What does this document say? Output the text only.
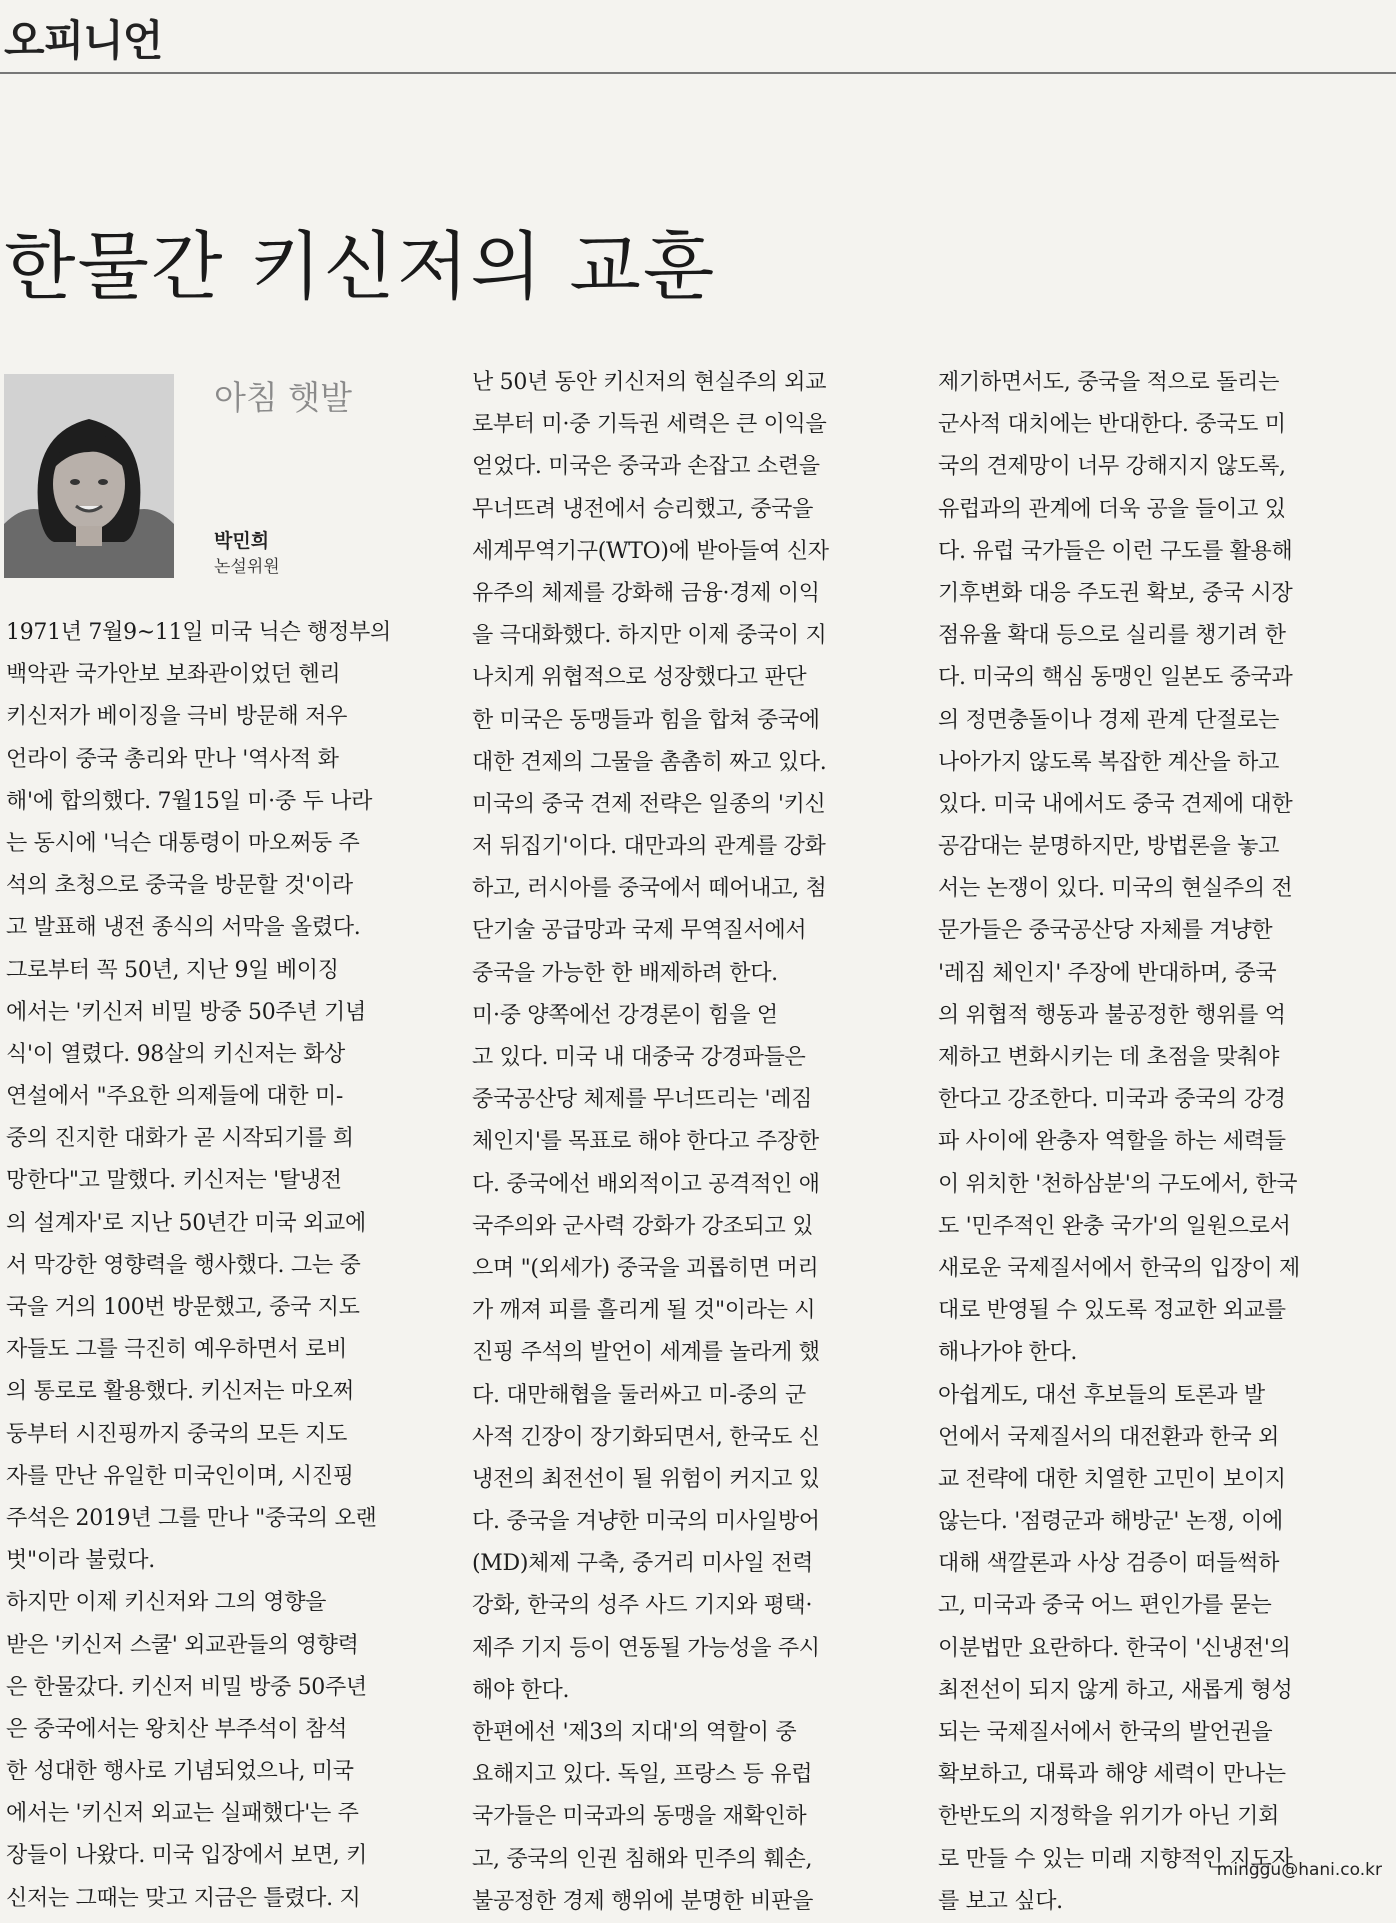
오피니언
한물간 키신저의 교훈
아침 햇발
박민희
논설위원
1971년 7월9~11일 미국 닉슨 행정부의
백악관 국가안보 보좌관이었던 헨리
키신저가 베이징을 극비 방문해 저우
언라이 중국 총리와 만나 '역사적 화
해'에 합의했다. 7월15일 미·중 두 나라
는 동시에 '닉슨 대통령이 마오쩌둥 주
석의 초청으로 중국을 방문할 것'이라
고 발표해 냉전 종식의 서막을 올렸다.
그로부터 꼭 50년, 지난 9일 베이징
에서는 '키신저 비밀 방중 50주년 기념
식'이 열렸다. 98살의 키신저는 화상
연설에서 "주요한 의제들에 대한 미-
중의 진지한 대화가 곧 시작되기를 희
망한다"고 말했다. 키신저는 '탈냉전
의 설계자'로 지난 50년간 미국 외교에
서 막강한 영향력을 행사했다. 그는 중
국을 거의 100번 방문했고, 중국 지도
자들도 그를 극진히 예우하면서 로비
의 통로로 활용했다. 키신저는 마오쩌
둥부터 시진핑까지 중국의 모든 지도
자를 만난 유일한 미국인이며, 시진핑
주석은 2019년 그를 만나 "중국의 오랜
벗"이라 불렀다.
하지만 이제 키신저와 그의 영향을
받은 '키신저 스쿨' 외교관들의 영향력
은 한물갔다. 키신저 비밀 방중 50주년
은 중국에서는 왕치산 부주석이 참석
한 성대한 행사로 기념되었으나, 미국
에서는 '키신저 외교는 실패했다'는 주
장들이 나왔다. 미국 입장에서 보면, 키
신저는 그때는 맞고 지금은 틀렸다. 지
난 50년 동안 키신저의 현실주의 외교
로부터 미·중 기득권 세력은 큰 이익을
얻었다. 미국은 중국과 손잡고 소련을
무너뜨려 냉전에서 승리했고, 중국을
세계무역기구(WTO)에 받아들여 신자
유주의 체제를 강화해 금융·경제 이익
을 극대화했다. 하지만 이제 중국이 지
나치게 위협적으로 성장했다고 판단
한 미국은 동맹들과 힘을 합쳐 중국에
대한 견제의 그물을 촘촘히 짜고 있다.
미국의 중국 견제 전략은 일종의 '키신
저 뒤집기'이다. 대만과의 관계를 강화
하고, 러시아를 중국에서 떼어내고, 첨
단기술 공급망과 국제 무역질서에서
중국을 가능한 한 배제하려 한다.
미·중 양쪽에선 강경론이 힘을 얻
고 있다. 미국 내 대중국 강경파들은
중국공산당 체제를 무너뜨리는 '레짐
체인지'를 목표로 해야 한다고 주장한
다. 중국에선 배외적이고 공격적인 애
국주의와 군사력 강화가 강조되고 있
으며 "(외세가) 중국을 괴롭히면 머리
가 깨져 피를 흘리게 될 것"이라는 시
진핑 주석의 발언이 세계를 놀라게 했
다. 대만해협을 둘러싸고 미-중의 군
사적 긴장이 장기화되면서, 한국도 신
냉전의 최전선이 될 위험이 커지고 있
다. 중국을 겨냥한 미국의 미사일방어
(MD)체제 구축, 중거리 미사일 전력
강화, 한국의 성주 사드 기지와 평택·
제주 기지 등이 연동될 가능성을 주시
해야 한다.
한편에선 '제3의 지대'의 역할이 중
요해지고 있다. 독일, 프랑스 등 유럽
국가들은 미국과의 동맹을 재확인하
고, 중국의 인권 침해와 민주의 훼손,
불공정한 경제 행위에 분명한 비판을
제기하면서도, 중국을 적으로 돌리는
군사적 대치에는 반대한다. 중국도 미
국의 견제망이 너무 강해지지 않도록,
유럽과의 관계에 더욱 공을 들이고 있
다. 유럽 국가들은 이런 구도를 활용해
기후변화 대응 주도권 확보, 중국 시장
점유율 확대 등으로 실리를 챙기려 한
다. 미국의 핵심 동맹인 일본도 중국과
의 정면충돌이나 경제 관계 단절로는
나아가지 않도록 복잡한 계산을 하고
있다. 미국 내에서도 중국 견제에 대한
공감대는 분명하지만, 방법론을 놓고
서는 논쟁이 있다. 미국의 현실주의 전
문가들은 중국공산당 자체를 겨냥한
'레짐 체인지' 주장에 반대하며, 중국
의 위협적 행동과 불공정한 행위를 억
제하고 변화시키는 데 초점을 맞춰야
한다고 강조한다. 미국과 중국의 강경
파 사이에 완충자 역할을 하는 세력들
이 위치한 '천하삼분'의 구도에서, 한국
도 '민주적인 완충 국가'의 일원으로서
새로운 국제질서에서 한국의 입장이 제
대로 반영될 수 있도록 정교한 외교를
해나가야 한다.
아쉽게도, 대선 후보들의 토론과 발
언에서 국제질서의 대전환과 한국 외
교 전략에 대한 치열한 고민이 보이지
않는다. '점령군과 해방군' 논쟁, 이에
대해 색깔론과 사상 검증이 떠들썩하
고, 미국과 중국 어느 편인가를 묻는
이분법만 요란하다. 한국이 '신냉전'의
최전선이 되지 않게 하고, 새롭게 형성
되는 국제질서에서 한국의 발언권을
확보하고, 대륙과 해양 세력이 만나는
한반도의 지정학을 위기가 아닌 기회
로 만들 수 있는 미래 지향적인 지도자
를 보고 싶다.
minggu@hani.co.kr
